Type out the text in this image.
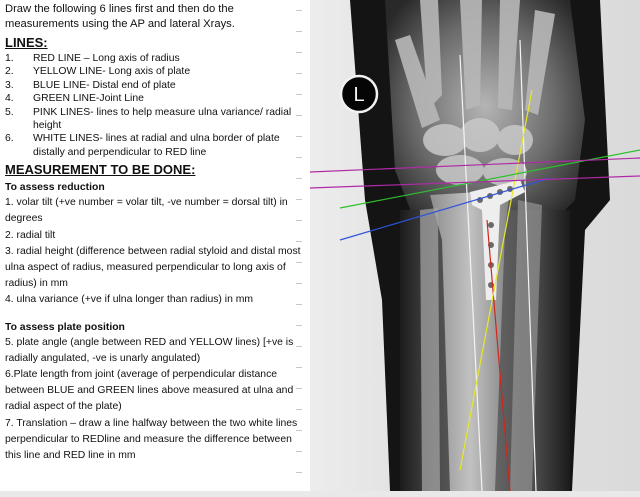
Draw the following 6 lines first and then do the measurements using the AP and lateral Xrays.

LINES:
1.	RED LINE – Long axis of radius
2.	YELLOW LINE- Long axis of plate
3.	BLUE LINE- Distal end of plate
4.	GREEN LINE-Joint Line
5.	PINK LINES- lines to help measure ulna variance/ radial height
6.	WHITE LINES- lines at radial and ulna border of plate distally and perpendicular to RED line
MEASUREMENT TO BE DONE:
To assess reduction

1. volar tilt (+ve number = volar tilt, -ve number = dorsal tilt) in degrees

2. radial tilt

3. radial height (difference between radial styloid and distal most ulna aspect of radius, measured perpendicular to long axis of radius) in mm

4. ulna variance (+ve if ulna longer than radius) in mm

To assess plate position

5. plate angle (angle between RED and YELLOW lines) [+ve is radially angulated, -ve is unarly angulated)

6.Plate length from joint (average of perpendicular distance between BLUE and GREEN lines above measured at ulna and radial aspect of the plate)

7. Translation – draw a line halfway between the two white lines perpendicular to REDline and measure the difference between this line and RED line in mm

L
